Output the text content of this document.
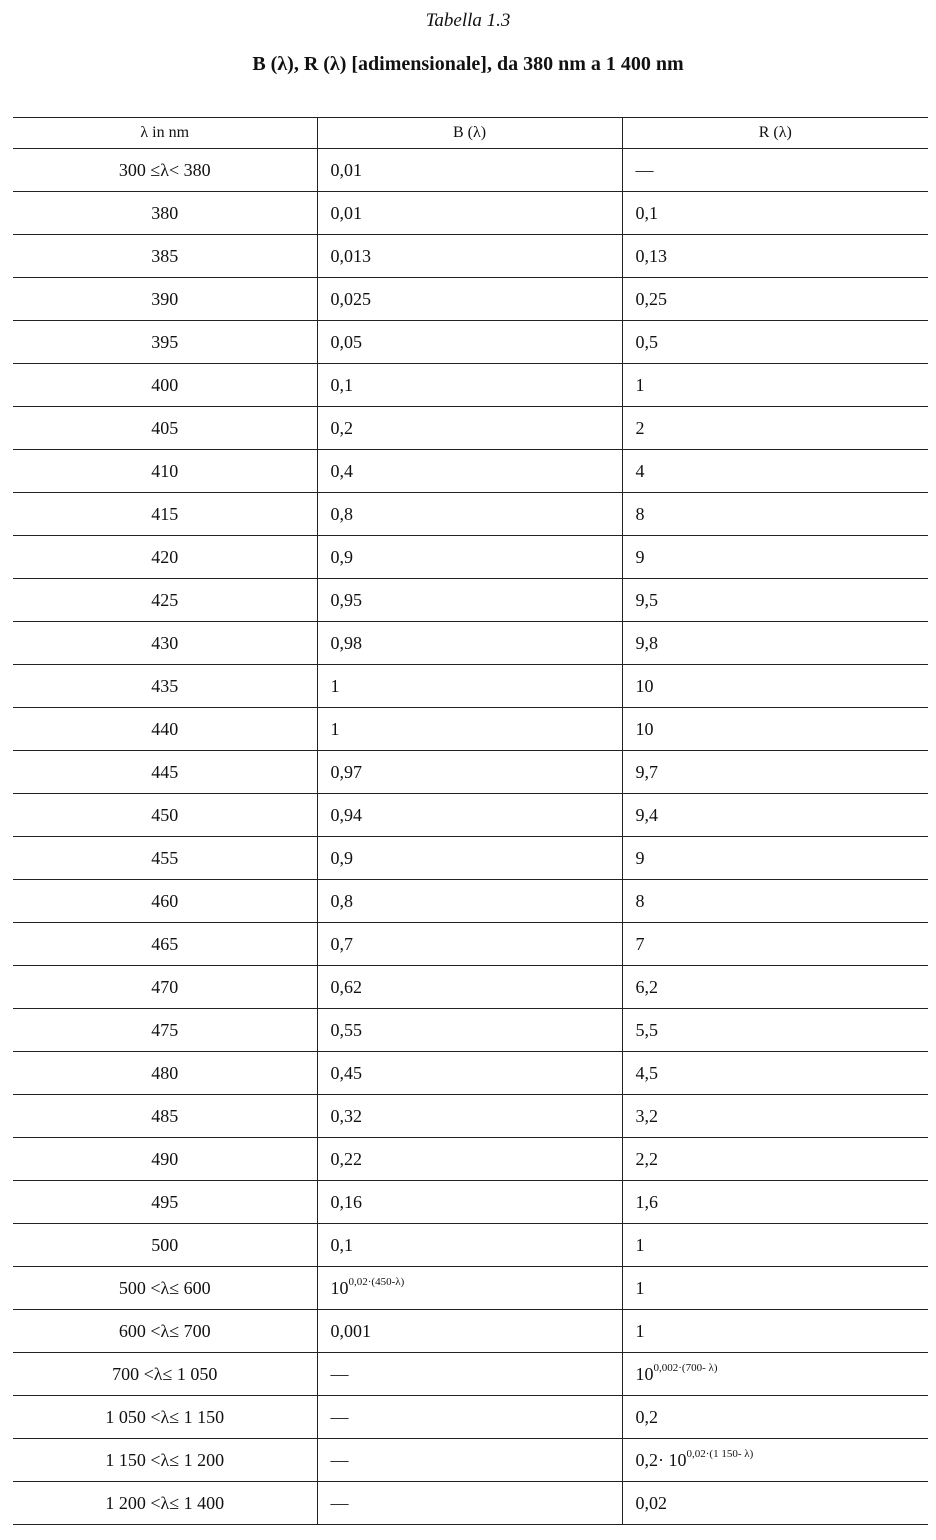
Tabella 1.3
B (λ), R (λ) [adimensionale], da 380 nm a 1 400 nm
λ in nm	B (λ)	R (λ)
300 ≤λ< 380	0,01	—
380	0,01	0,1
385	0,013	0,13
390	0,025	0,25
395	0,05	0,5
400	0,1	1
405	0,2	2
410	0,4	4
415	0,8	8
420	0,9	9
425	0,95	9,5
430	0,98	9,8
435	1	10
440	1	10
445	0,97	9,7
450	0,94	9,4
455	0,9	9
460	0,8	8
465	0,7	7
470	0,62	6,2
475	0,55	5,5
480	0,45	4,5
485	0,32	3,2
490	0,22	2,2
495	0,16	1,6
500	0,1	1
500 <λ≤ 600	$10^{0,02\cdot(450-\lambda)}$	1
600 <λ≤ 700	0,001	1
700 <λ≤ 1 050	—	$10^{0,002\cdot(700- \lambda)}$
1 050 <λ≤ 1 150	—	0,2
1 150 <λ≤ 1 200	—	$0,2\cdot 10^{0,02\cdot(1 150- \lambda)}$
1 200 <λ≤ 1 400	—	0,02
